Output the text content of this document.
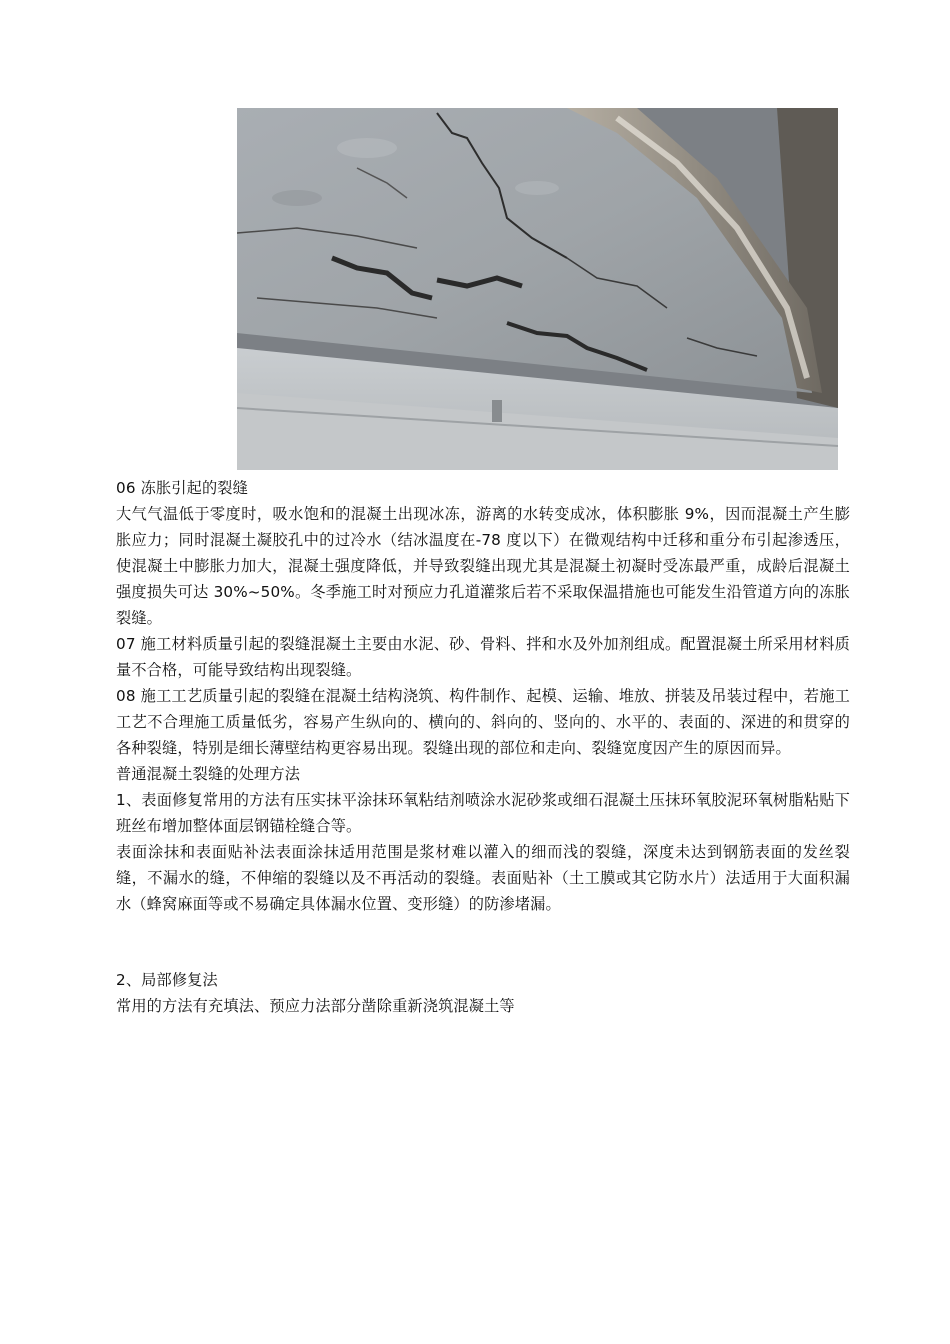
06 冻胀引起的裂缝

大气气温低于零度时，吸水饱和的混凝土出现冰冻，游离的水转变成冰，体积膨胀 9%，因而混凝土产生膨胀应力；同时混凝土凝胶孔中的过冷水（结冰温度在-78 度以下）在微观结构中迁移和重分布引起渗透压，使混凝土中膨胀力加大，混凝土强度降低，并导致裂缝出现尤其是混凝土初凝时受冻最严重，成龄后混凝土强度损失可达 30%~50%。冬季施工时对预应力孔道灌浆后若不采取保温措施也可能发生沿管道方向的冻胀裂缝。

07 施工材料质量引起的裂缝混凝土主要由水泥、砂、骨料、拌和水及外加剂组成。配置混凝土所采用材料质量不合格，可能导致结构出现裂缝。

08 施工工艺质量引起的裂缝在混凝土结构浇筑、构件制作、起模、运输、堆放、拼装及吊装过程中，若施工工艺不合理施工质量低劣，容易产生纵向的、横向的、斜向的、竖向的、水平的、表面的、深进的和贯穿的各种裂缝，特别是细长薄壁结构更容易出现。裂缝出现的部位和走向、裂缝宽度因产生的原因而异。

普通混凝土裂缝的处理方法

1、表面修复常用的方法有压实抹平涂抹环氧粘结剂喷涂水泥砂浆或细石混凝土压抹环氧胶泥环氧树脂粘贴下班丝布增加整体面层钢锚栓缝合等。

表面涂抹和表面贴补法表面涂抹适用范围是浆材难以灌入的细而浅的裂缝，深度未达到钢筋表面的发丝裂缝，不漏水的缝，不伸缩的裂缝以及不再活动的裂缝。表面贴补（土工膜或其它防水片）法适用于大面积漏水（蜂窝麻面等或不易确定具体漏水位置、变形缝）的防渗堵漏。

2、局部修复法

常用的方法有充填法、预应力法部分凿除重新浇筑混凝土等
